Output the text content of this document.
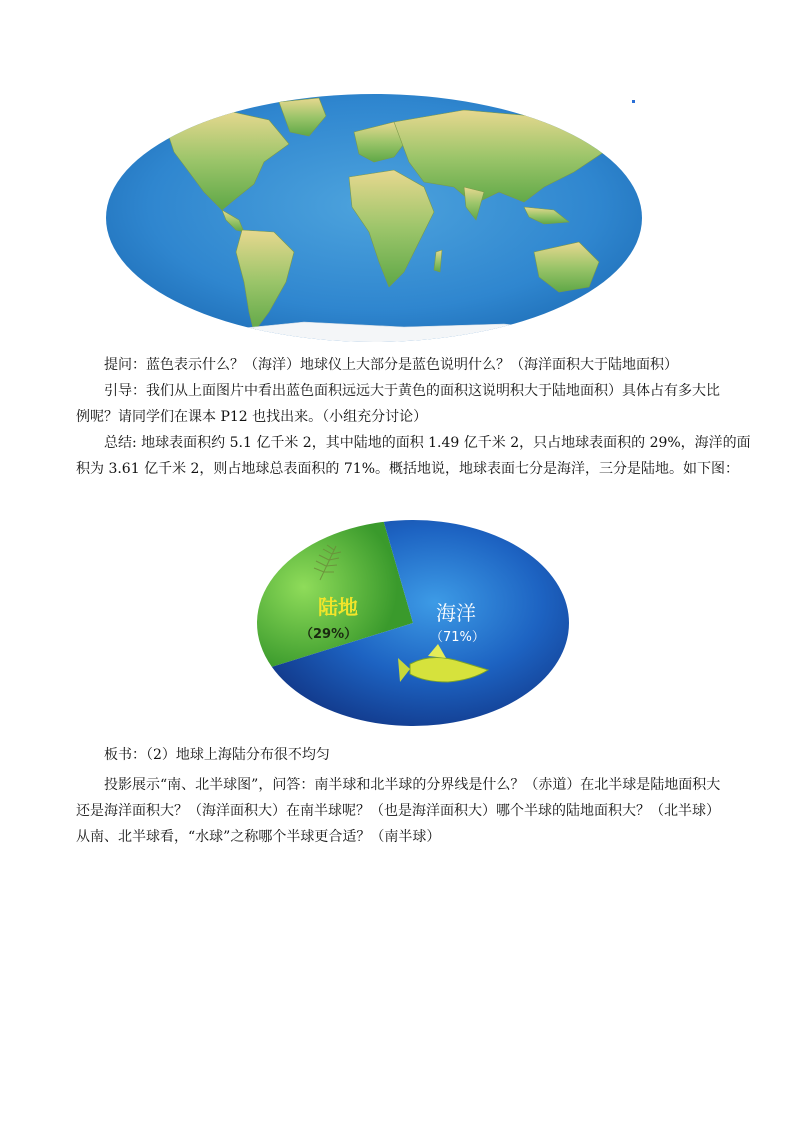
提问：蓝色表示什么？（海洋）地球仪上大部分是蓝色说明什么？（海洋面积大于陆地面积）

引导：我们从上面图片中看出蓝色面积远远大于黄色的面积这说明积大于陆地面积）具体占有多大比

例呢？请同学们在课本 P12 也找出来。（小组充分讨论）

总结: 地球表面积约 5.1 亿千米 2，其中陆地的面积 1.49 亿千米 2，只占地球表面积的 29%，海洋的面

积为 3.61 亿千米 2，则占地球总表面积的 71%。概括地说，地球表面七分是海洋，三分是陆地。如下图：

陆地
（29%）
海洋
（71%）

板书：（2）地球上海陆分布很不均匀

投影展示“南、北半球图”，问答：南半球和北半球的分界线是什么？（赤道）在北半球是陆地面积大

还是海洋面积大？（海洋面积大）在南半球呢？（也是海洋面积大）哪个半球的陆地面积大？（北半球）

从南、北半球看，“水球”之称哪个半球更合适？（南半球）
